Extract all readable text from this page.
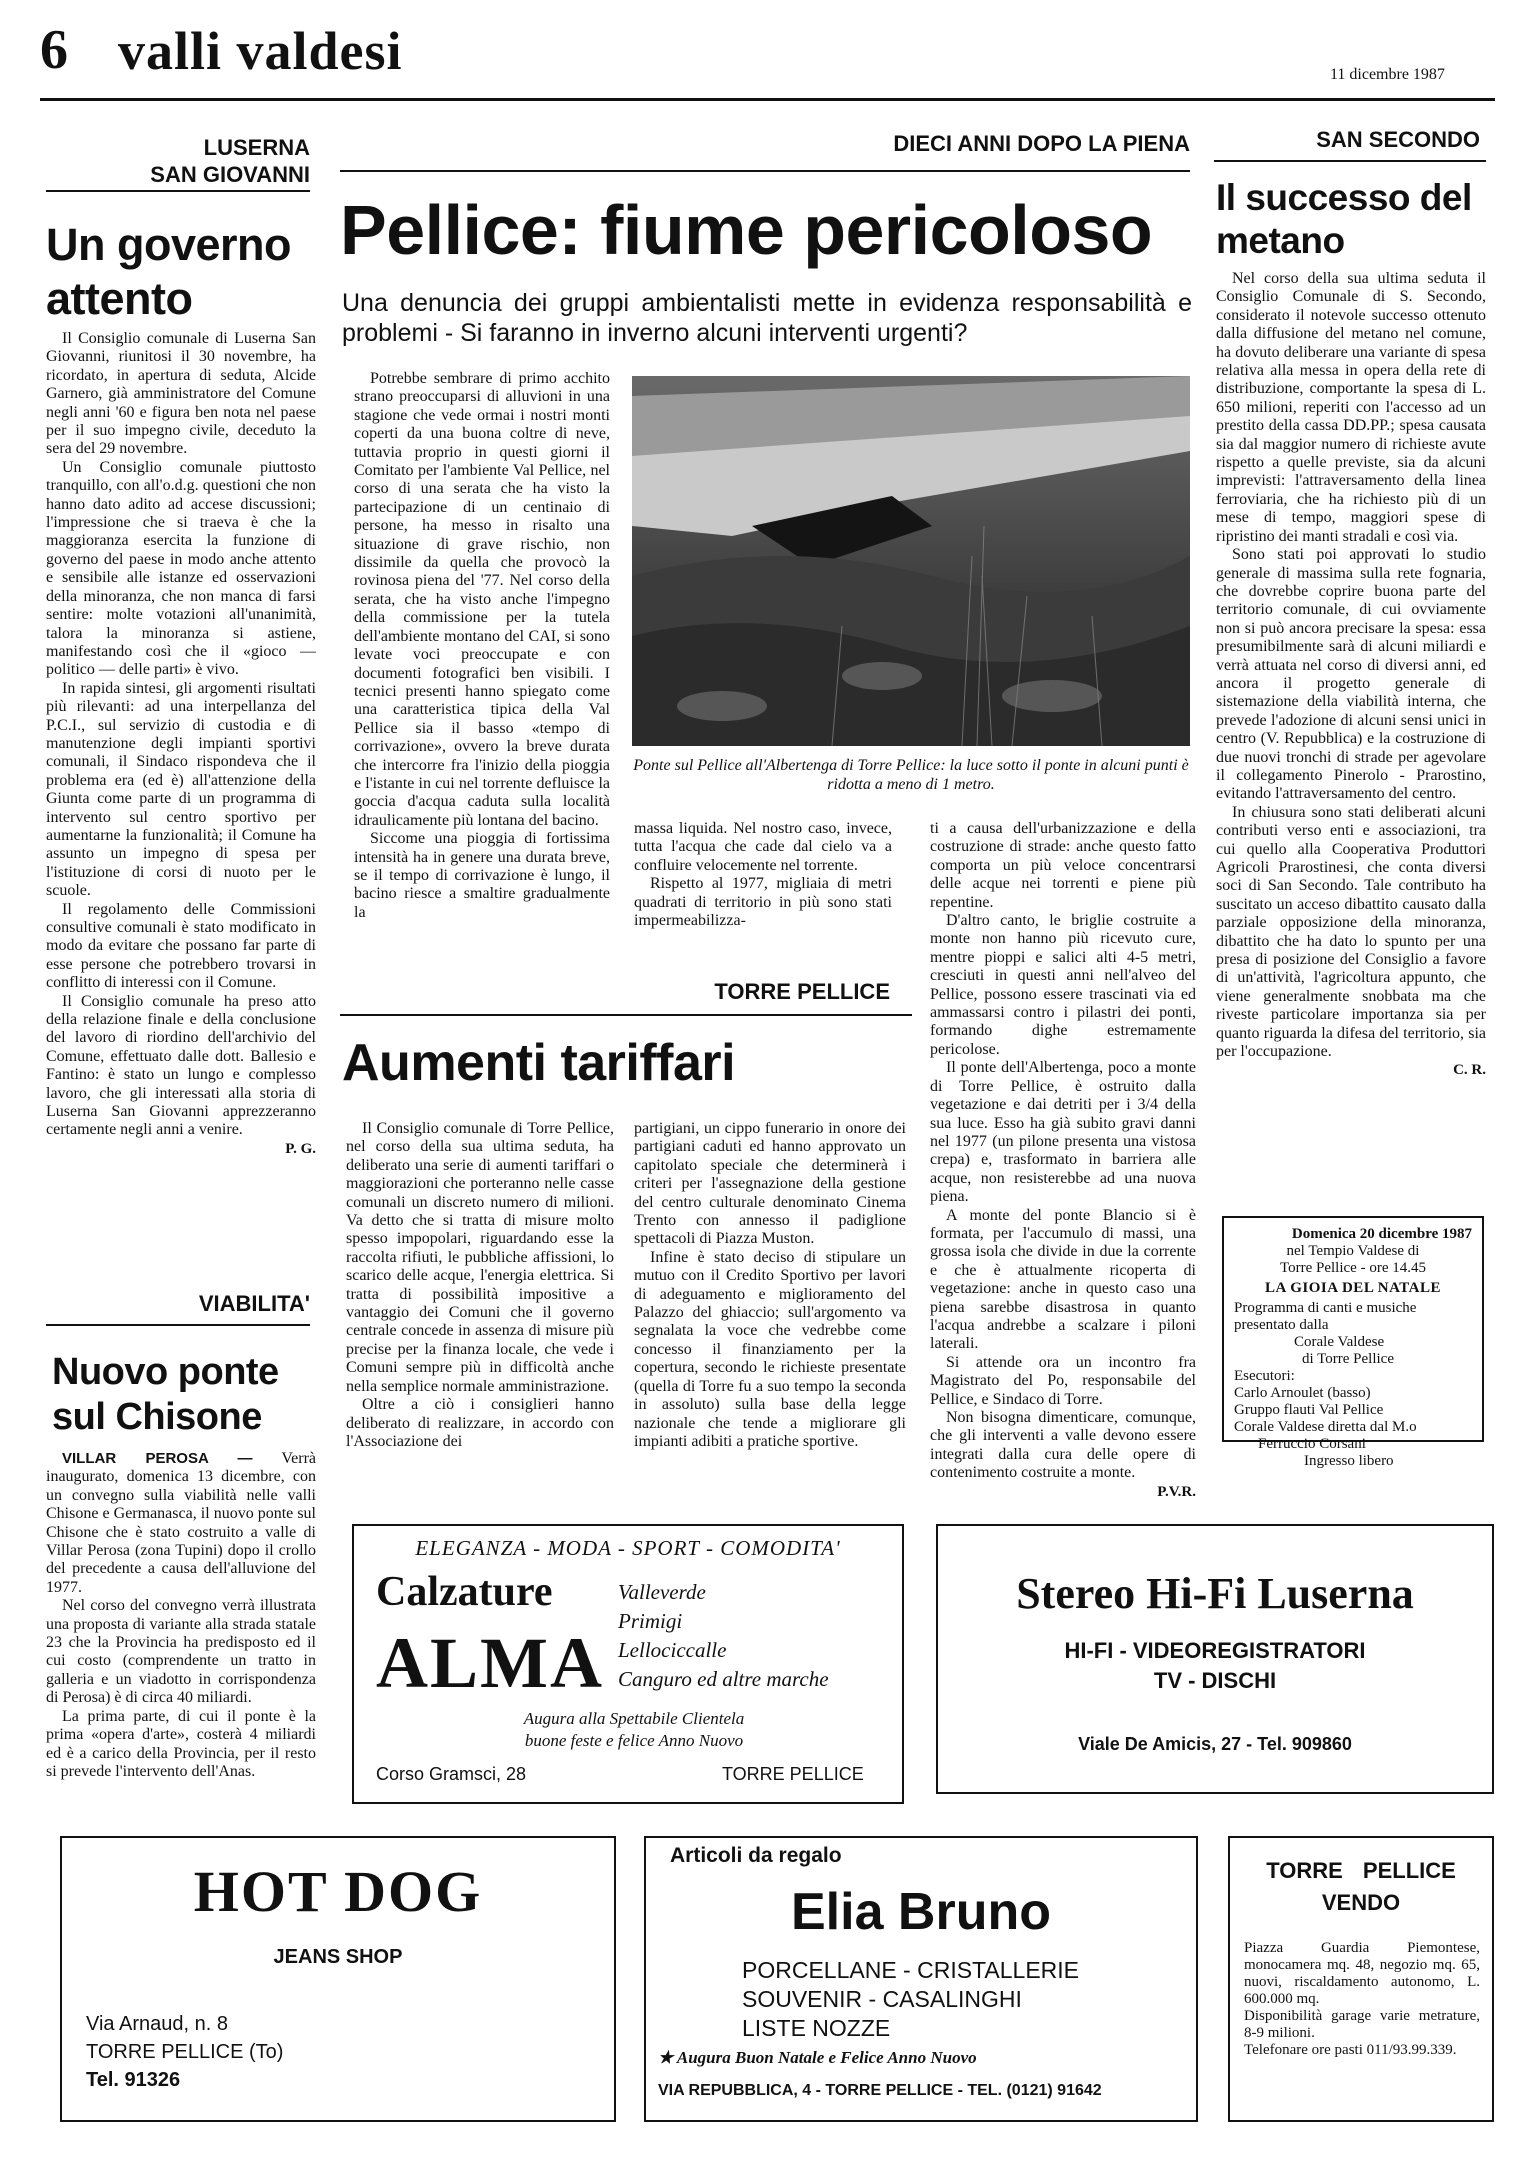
6 valli valdesi	11 dicembre 1987
LUSERNA
SAN GIOVANNI
Un governo attento

Il Consiglio comunale di Luserna San Giovanni, riunitosi il 30 novembre, ha ricordato, in apertura di seduta, Alcide Garnero, già amministratore del Comune negli anni '60 e figura ben nota nel paese per il suo impegno civile, deceduto la sera del 29 novembre.

Un Consiglio comunale piuttosto tranquillo, con all'o.d.g. questioni che non hanno dato adito ad accese discussioni; l'impressione che si traeva è che la maggioranza esercita la funzione di governo del paese in modo anche attento e sensibile alle istanze ed osservazioni della minoranza, che non manca di farsi sentire: molte votazioni all'unanimità, talora la minoranza si astiene, manifestando così che il «gioco — politico — delle parti» è vivo.

In rapida sintesi, gli argomenti risultati più rilevanti: ad una interpellanza del P.C.I., sul servizio di custodia e di manutenzione degli impianti sportivi comunali, il Sindaco rispondeva che il problema era (ed è) all'attenzione della Giunta come parte di un programma di intervento sul centro sportivo per aumentarne la funzionalità; il Comune ha assunto un impegno di spesa per l'istituzione di corsi di nuoto per le scuole.

Il regolamento delle Commissioni consultive comunali è stato modificato in modo da evitare che possano far parte di esse persone che potrebbero trovarsi in conflitto di interessi con il Comune.

Il Consiglio comunale ha preso atto della relazione finale e della conclusione del lavoro di riordino dell'archivio del Comune, effettuato dalle dott. Ballesio e Fantino: è stato un lungo e complesso lavoro, che gli interessati alla storia di Luserna San Giovanni apprezzeranno certamente negli anni a venire.

P. G.
VIABILITA'
Nuovo ponte sul Chisone

VILLAR PEROSA — Verrà inaugurato, domenica 13 dicembre, con un convegno sulla viabilità nelle valli Chisone e Germanasca, il nuovo ponte sul Chisone che è stato costruito a valle di Villar Perosa (zona Tupini) dopo il crollo del precedente a causa dell'alluvione del 1977.

Nel corso del convegno verrà illustrata una proposta di variante alla strada statale 23 che la Provincia ha predisposto ed il cui costo (comprendente un tratto in galleria e un viadotto in corrispondenza di Perosa) è di circa 40 miliardi.

La prima parte, di cui il ponte è la prima «opera d'arte», costerà 4 miliardi ed è a carico della Provincia, per il resto si prevede l'intervento dell'Anas.

DIECI ANNI DOPO LA PIENA
Pellice: fiume pericoloso
Una denuncia dei gruppi ambientalisti mette in evidenza responsabilità e problemi - Si faranno in inverno alcuni interventi urgenti?

Potrebbe sembrare di primo acchito strano preoccuparsi di alluvioni in una stagione che vede ormai i nostri monti coperti da una buona coltre di neve, tuttavia proprio in questi giorni il Comitato per l'ambiente Val Pellice, nel corso di una serata che ha visto la partecipazione di un centinaio di persone, ha messo in risalto una situazione di grave rischio, non dissimile da quella che provocò la rovinosa piena del '77. Nel corso della serata, che ha visto anche l'impegno della commissione per la tutela dell'ambiente montano del CAI, si sono levate voci preoccupate e con documenti fotografici ben visibili. I tecnici presenti hanno spiegato come una caratteristica tipica della Val Pellice sia il basso «tempo di corrivazione», ovvero la breve durata che intercorre fra l'inizio della pioggia e l'istante in cui nel torrente defluisce la goccia d'acqua caduta sulla località idraulicamente più lontana del bacino.

Siccome una pioggia di fortissima intensità ha in genere una durata breve, se il tempo di corrivazione è lungo, il bacino riesce a smaltire gradualmente la

Ponte sul Pellice all'Albertenga di Torre Pellice: la luce sotto il ponte in alcuni punti è ridotta a meno di 1 metro.

massa liquida. Nel nostro caso, invece, tutta l'acqua che cade dal cielo va a confluire velocemente nel torrente.

Rispetto al 1977, migliaia di metri quadrati di territorio in più sono stati impermeabilizza-

ti a causa dell'urbanizzazione e della costruzione di strade: anche questo fatto comporta un più veloce concentrarsi delle acque nei torrenti e piene più repentine.

D'altro canto, le briglie costruite a monte non hanno più ricevuto cure, mentre pioppi e salici alti 4-5 metri, cresciuti in questi anni nell'alveo del Pellice, possono essere trascinati via ed ammassarsi contro i pilastri dei ponti, formando dighe estremamente pericolose.

Il ponte dell'Albertenga, poco a monte di Torre Pellice, è ostruito dalla vegetazione e dai detriti per i 3/4 della sua luce. Esso ha già subito gravi danni nel 1977 (un pilone presenta una vistosa crepa) e, trasformato in barriera alle acque, non resisterebbe ad una nuova piena.

A monte del ponte Blancio si è formata, per l'accumulo di massi, una grossa isola che divide in due la corrente e che è attualmente ricoperta di vegetazione: anche in questo caso una piena sarebbe disastrosa in quanto l'acqua andrebbe a scalzare i piloni laterali.

Si attende ora un incontro fra Magistrato del Po, responsabile del Pellice, e Sindaco di Torre.

Non bisogna dimenticare, comunque, che gli interventi a valle devono essere integrati dalla cura delle opere di contenimento costruite a monte.

P.V.R.
TORRE PELLICE
Aumenti tariffari

Il Consiglio comunale di Torre Pellice, nel corso della sua ultima seduta, ha deliberato una serie di aumenti tariffari o maggiorazioni che porteranno nelle casse comunali un discreto numero di milioni. Va detto che si tratta di misure molto spesso impopolari, riguardando esse la raccolta rifiuti, le pubbliche affissioni, lo scarico delle acque, l'energia elettrica. Si tratta di possibilità impositive a vantaggio dei Comuni che il governo centrale concede in assenza di misure più precise per la finanza locale, che vede i Comuni sempre più in difficoltà anche nella semplice normale amministrazione.

Oltre a ciò i consiglieri hanno deliberato di realizzare, in accordo con l'Associazione dei

partigiani, un cippo funerario in onore dei partigiani caduti ed hanno approvato un capitolato speciale che determinerà i criteri per l'assegnazione della gestione del centro culturale denominato Cinema Trento con annesso il padiglione spettacoli di Piazza Muston.

Infine è stato deciso di stipulare un mutuo con il Credito Sportivo per lavori di adeguamento e miglioramento del Palazzo del ghiaccio; sull'argomento va segnalata la voce che vedrebbe come concesso il finanziamento per la copertura, secondo le richieste presentate (quella di Torre fu a suo tempo la seconda in assoluto) sulla base della legge nazionale che tende a migliorare gli impianti adibiti a pratiche sportive.

SAN SECONDO
Il successo del metano

Nel corso della sua ultima seduta il Consiglio Comunale di S. Secondo, considerato il notevole successo ottenuto dalla diffusione del metano nel comune, ha dovuto deliberare una variante di spesa relativa alla messa in opera della rete di distribuzione, comportante la spesa di L. 650 milioni, reperiti con l'accesso ad un prestito della cassa DD.PP.; spesa causata sia dal maggior numero di richieste avute rispetto a quelle previste, sia da alcuni imprevisti: l'attraversamento della linea ferroviaria, che ha richiesto più di un mese di tempo, maggiori spese di ripristino dei manti stradali e così via.

Sono stati poi approvati lo studio generale di massima sulla rete fognaria, che dovrebbe coprire buona parte del territorio comunale, di cui ovviamente non si può ancora precisare la spesa: essa presumibilmente sarà di alcuni miliardi e verrà attuata nel corso di diversi anni, ed ancora il progetto generale di sistemazione della viabilità interna, che prevede l'adozione di alcuni sensi unici in centro (V. Repubblica) e la costruzione di due nuovi tronchi di strade per agevolare il collegamento Pinerolo - Prarostino, evitando l'attraversamento del centro.

In chiusura sono stati deliberati alcuni contributi verso enti e associazioni, tra cui quello alla Cooperativa Produttori Agricoli Prarostinesi, che conta diversi soci di San Secondo. Tale contributo ha suscitato un acceso dibattito causato dalla parziale opposizione della minoranza, dibattito che ha dato lo spunto per una presa di posizione del Consiglio a favore di un'attività, l'agricoltura appunto, che viene generalmente snobbata ma che riveste particolare importanza sia per quanto riguarda la difesa del territorio, sia per l'occupazione.

C. R.
Domenica 20 dicembre 1987
nel Tempio Valdese di
Torre Pellice - ore 14.45
LA GIOIA DEL NATALE
Programma di canti e musiche presentato dalla
Corale Valdese
di Torre Pellice
Esecutori:
Carlo Arnoulet (basso)
Gruppo flauti Val Pellice
Corale Valdese diretta dal M.o
Ferruccio Corsani
Ingresso libero
ELEGANZA - MODA - SPORT - COMODITA'
Calzature
ALMA
Valleverde
Primigi
Lellociccalle
Canguro ed altre marche
Augura alla Spettabile Clientela
buone feste e felice Anno Nuovo
Corso Gramsci, 28	TORRE PELLICE
Stereo Hi-Fi Luserna
HI-FI - VIDEOREGISTRATORI
TV - DISCHI
Viale De Amicis, 27 - Tel. 909860
HOT DOG
JEANS SHOP
Via Arnaud, n. 8
TORRE PELLICE (To)
Tel. 91326
Articoli da regalo
Elia Bruno
PORCELLANE - CRISTALLERIE
SOUVENIR - CASALINGHI
LISTE NOZZE
★ Augura Buon Natale e Felice Anno Nuovo
VIA REPUBBLICA, 4 - TORRE PELLICE - TEL. (0121) 91642
TORRE PELLICE
VENDO
Piazza Guardia Piemontese, monocamera mq. 48, negozio mq. 65, nuovi, riscaldamento autonomo, L. 600.000 mq.
Disponibilità garage varie metrature, 8-9 milioni.
Telefonare ore pasti 011/93.99.339.
